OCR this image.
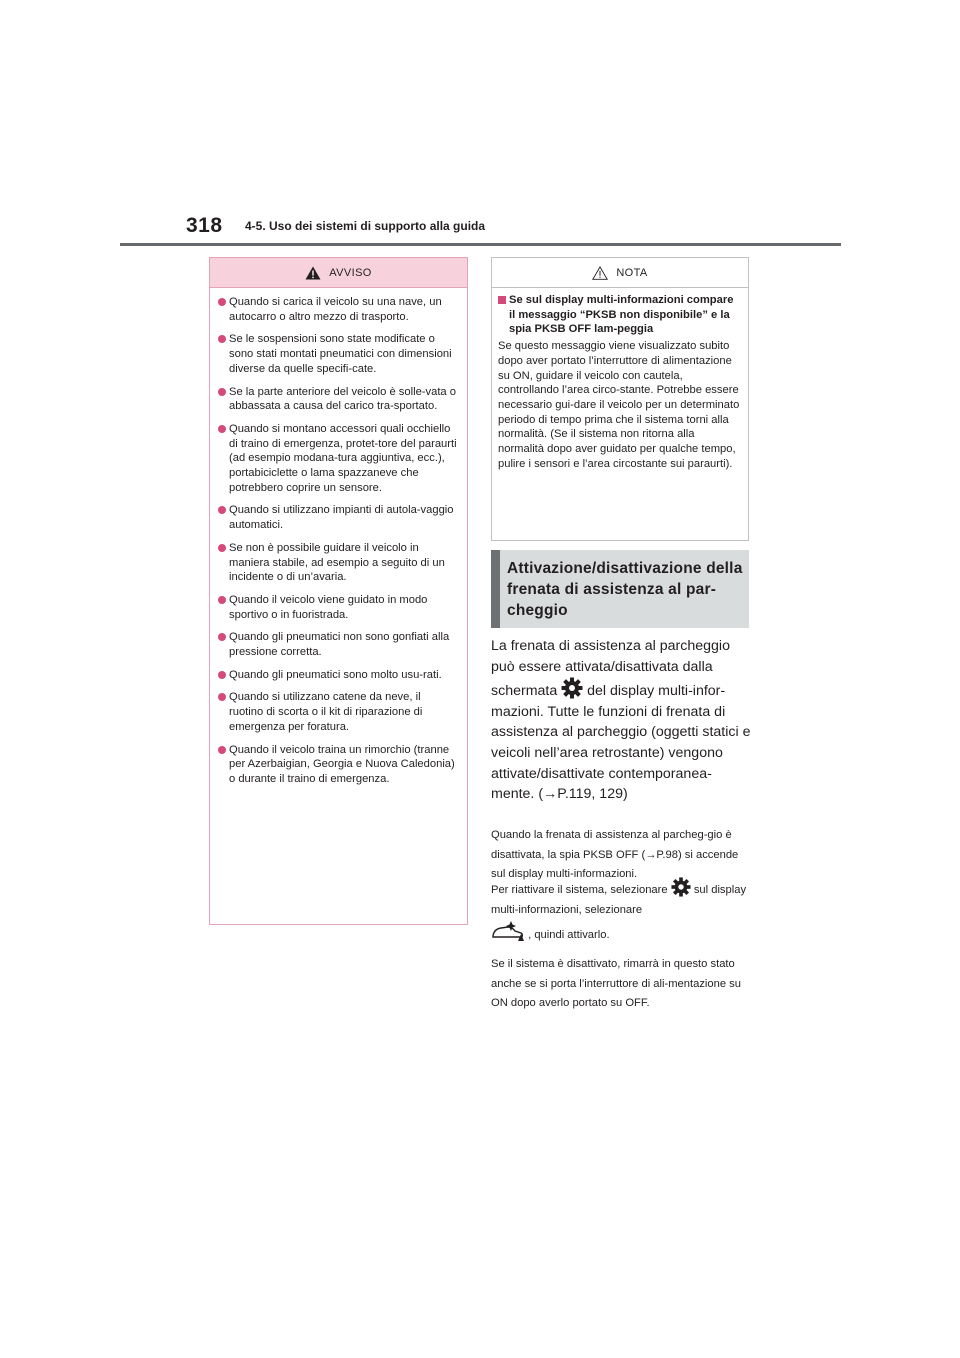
318 4-5. Uso dei sistemi di supporto alla guida
AVVISO
Quando si carica il veicolo su una nave, un autocarro o altro mezzo di trasporto.
Se le sospensioni sono state modificate o sono stati montati pneumatici con dimensioni diverse da quelle specifi-cate.
Se la parte anteriore del veicolo è solle-vata o abbassata a causa del carico tra-sportato.
Quando si montano accessori quali occhiello di traino di emergenza, protet-tore del paraurti (ad esempio modana-tura aggiuntiva, ecc.), portabiciclette o lama spazzaneve che potrebbero coprire un sensore.
Quando si utilizzano impianti di autola-vaggio automatici.
Se non è possibile guidare il veicolo in maniera stabile, ad esempio a seguito di un incidente o di un’avaria.
Quando il veicolo viene guidato in modo sportivo o in fuoristrada.
Quando gli pneumatici non sono gonfiati alla pressione corretta.
Quando gli pneumatici sono molto usu-rati.
Quando si utilizzano catene da neve, il ruotino di scorta o il kit di riparazione di emergenza per foratura.
Quando il veicolo traina un rimorchio (tranne per Azerbaigian, Georgia e Nuova Caledonia) o durante il traino di emergenza.
NOTA
Se sul display multi-informazioni compare il messaggio “PKSB non disponibile” e la spia PKSB OFF lam-peggia
Se questo messaggio viene visualizzato subito dopo aver portato l’interruttore di alimentazione su ON, guidare il veicolo con cautela, controllando l’area circo-stante. Potrebbe essere necessario gui-dare il veicolo per un determinato periodo di tempo prima che il sistema torni alla normalità. (Se il sistema non ritorna alla normalità dopo aver guidato per qualche tempo, pulire i sensori e l’area circostante sui paraurti).
Attivazione/disattivazione della frenata di assistenza al par-cheggio
La frenata di assistenza al parcheggio può essere attivata/disattivata dalla schermata del display multi-infor-mazioni. Tutte le funzioni di frenata di assistenza al parcheggio (oggetti statici e veicoli nell’area retrostante) vengono attivate/disattivate contemporanea-mente. (→P.119, 129)
Quando la frenata di assistenza al parcheg-gio è disattivata, la spia PKSB OFF (→P.98) si accende sul display multi-informazioni.
Per riattivare il sistema, selezionare sul display multi-informazioni, selezionare
, quindi attivarlo.
Se il sistema è disattivato, rimarrà in questo stato anche se si porta l’interruttore di ali-mentazione su ON dopo averlo portato su OFF.
